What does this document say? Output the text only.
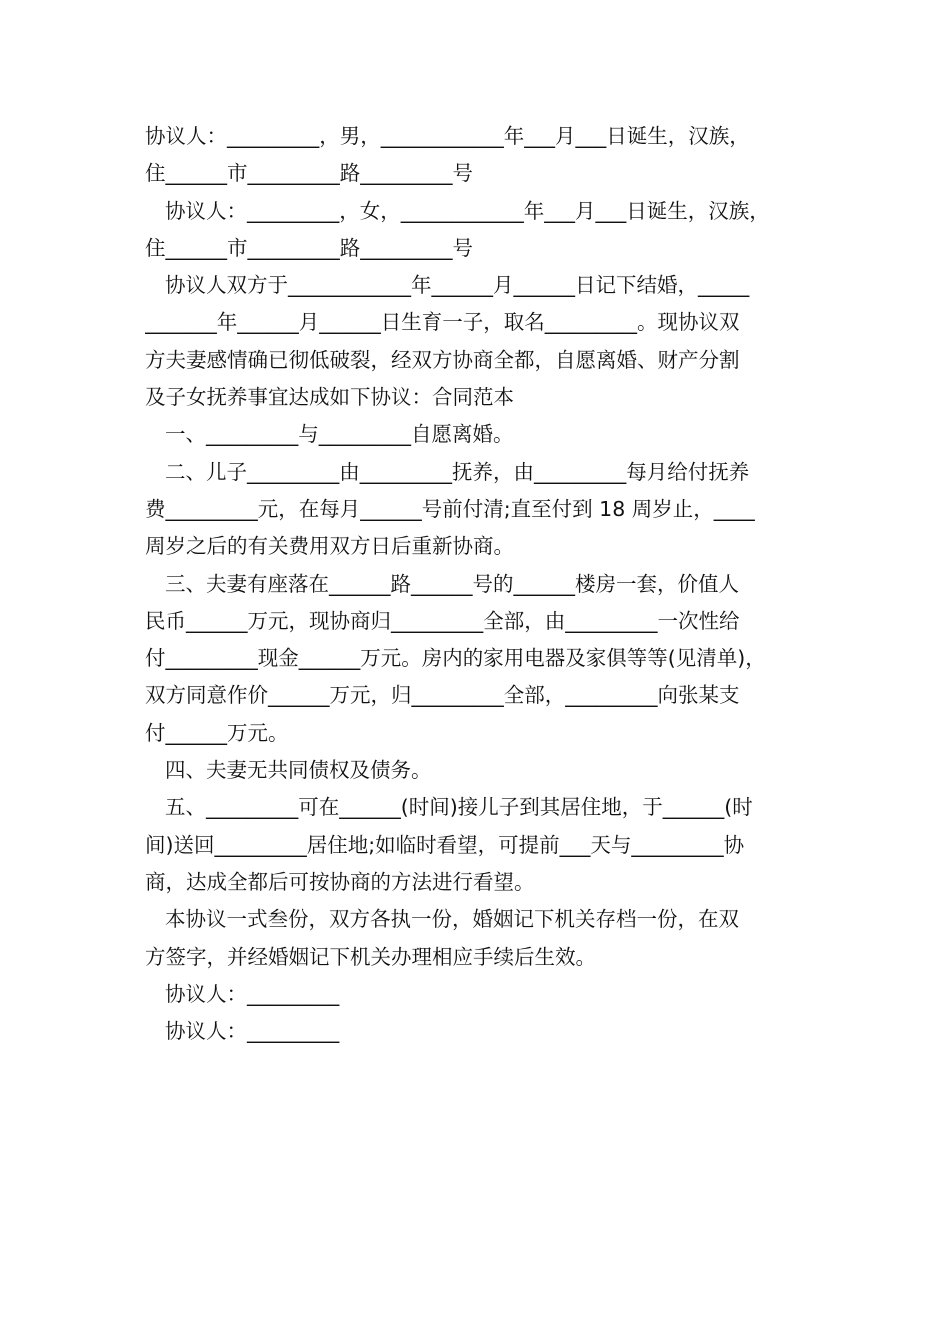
协议人：_________，男，____________年___月___日诞生，汉族，
住______市_________路_________号
协议人：_________，女，____________年___月___日诞生，汉族，
住______市_________路_________号
协议人双方于____________年______月______日记下结婚，_____
_______年______月______日生育一子，取名_________。现协议双
方夫妻感情确已彻低破裂，经双方协商全都，自愿离婚、财产分割
及子女抚养事宜达成如下协议：合同范本
一、_________与_________自愿离婚。
二、儿子_________由_________抚养，由_________每月给付抚养
费_________元，在每月______号前付清;直至付到 18 周岁止，____
周岁之后的有关费用双方日后重新协商。
三、夫妻有座落在______路______号的______楼房一套，价值人
民币______万元，现协商归_________全部，由_________一次性给
付_________现金______万元。房内的家用电器及家俱等等(见清单)，
双方同意作价______万元，归_________全部，_________向张某支
付______万元。
四、夫妻无共同债权及债务。
五、_________可在______(时间)接儿子到其居住地，于______(时
间)送回_________居住地;如临时看望，可提前___天与_________协
商，达成全都后可按协商的方法进行看望。
本协议一式叁份，双方各执一份，婚姻记下机关存档一份，在双
方签字，并经婚姻记下机关办理相应手续后生效。
协议人：_________
协议人：_________
